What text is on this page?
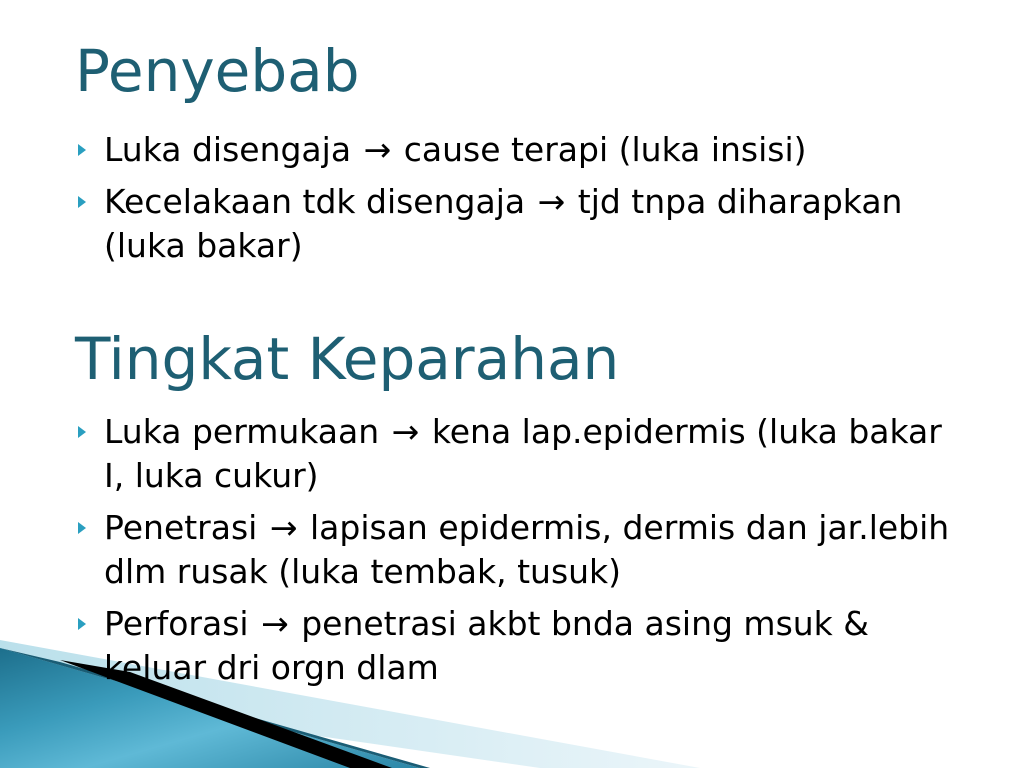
Penyebab
Luka disengaja → cause terapi (luka insisi)
Kecelakaan tdk disengaja → tjd tnpa diharapkan (luka bakar)
Tingkat Keparahan
Luka permukaan → kena lap.epidermis (luka bakar I, luka cukur)
Penetrasi → lapisan epidermis, dermis dan jar.lebih dlm rusak (luka tembak, tusuk)
Perforasi → penetrasi akbt bnda asing msuk & keluar dri orgn dlam
